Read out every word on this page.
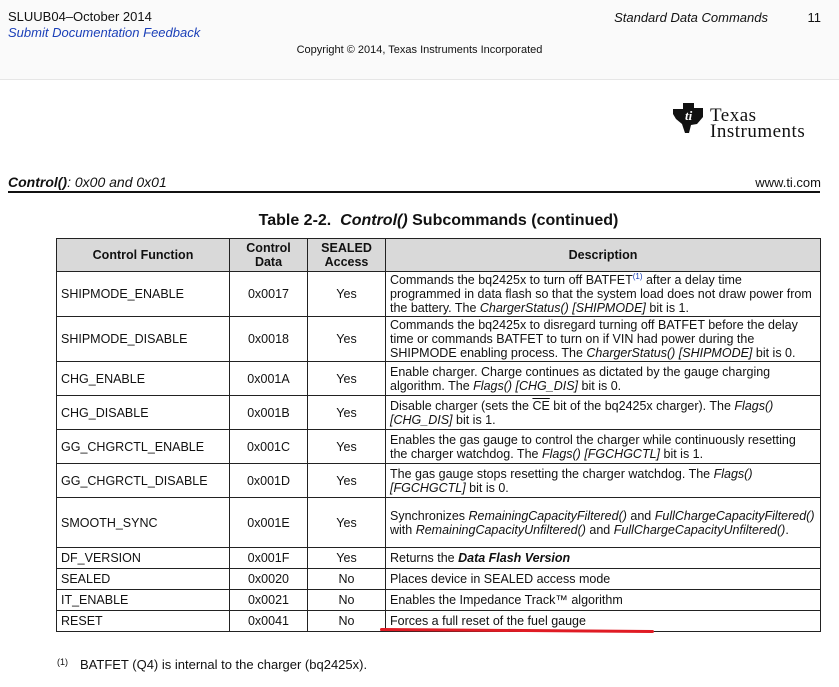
SLUUB04–October 2014
Submit Documentation Feedback
Standard Data Commands	11
Copyright © 2014, Texas Instruments Incorporated
ti Texas
Instruments
Control(): 0x00 and 0x01	www.ti.com
Table 2-2. Control() Subcommands (continued)
Control Function	Control Data	SEALED Access	Description
SHIPMODE_ENABLE	0x0017	Yes	Commands the bq2425x to turn off BATFET$^{(1)}$ after a delay time programmed in data flash so that the system load does not draw power from the battery. The ChargerStatus() [SHIPMODE] bit is 1.
SHIPMODE_DISABLE	0x0018	Yes	Commands the bq2425x to disregard turning off BATFET before the delay time or commands BATFET to turn on if VIN had power during the SHIPMODE enabling process. The ChargerStatus() [SHIPMODE] bit is 0.
CHG_ENABLE	0x001A	Yes	Enable charger. Charge continues as dictated by the gauge charging algorithm. The Flags() [CHG_DIS] bit is 0.
CHG_DISABLE	0x001B	Yes	Disable charger (sets the $\overline{CE}$ bit of the bq2425x charger). The Flags() [CHG_DIS] bit is 1.
GG_CHGRCTL_ENABLE	0x001C	Yes	Enables the gas gauge to control the charger while continuously resetting the charger watchdog. The Flags() [FGCHGCTL] bit is 1.
GG_CHGRCTL_DISABLE	0x001D	Yes	The gas gauge stops resetting the charger watchdog. The Flags() [FGCHGCTL] bit is 0.
SMOOTH_SYNC	0x001E	Yes	Synchronizes RemainingCapacityFiltered() and FullChargeCapacityFiltered() with RemainingCapacityUnfiltered() and FullChargeCapacityUnfiltered().
DF_VERSION	0x001F	Yes	Returns the Data Flash Version
SEALED	0x0020	No	Places device in SEALED access mode
IT_ENABLE	0x0021	No	Enables the Impedance Track™ algorithm
RESET	0x0041	No	Forces a full reset of the fuel gauge
(1) BATFET (Q4) is internal to the charger (bq2425x).
